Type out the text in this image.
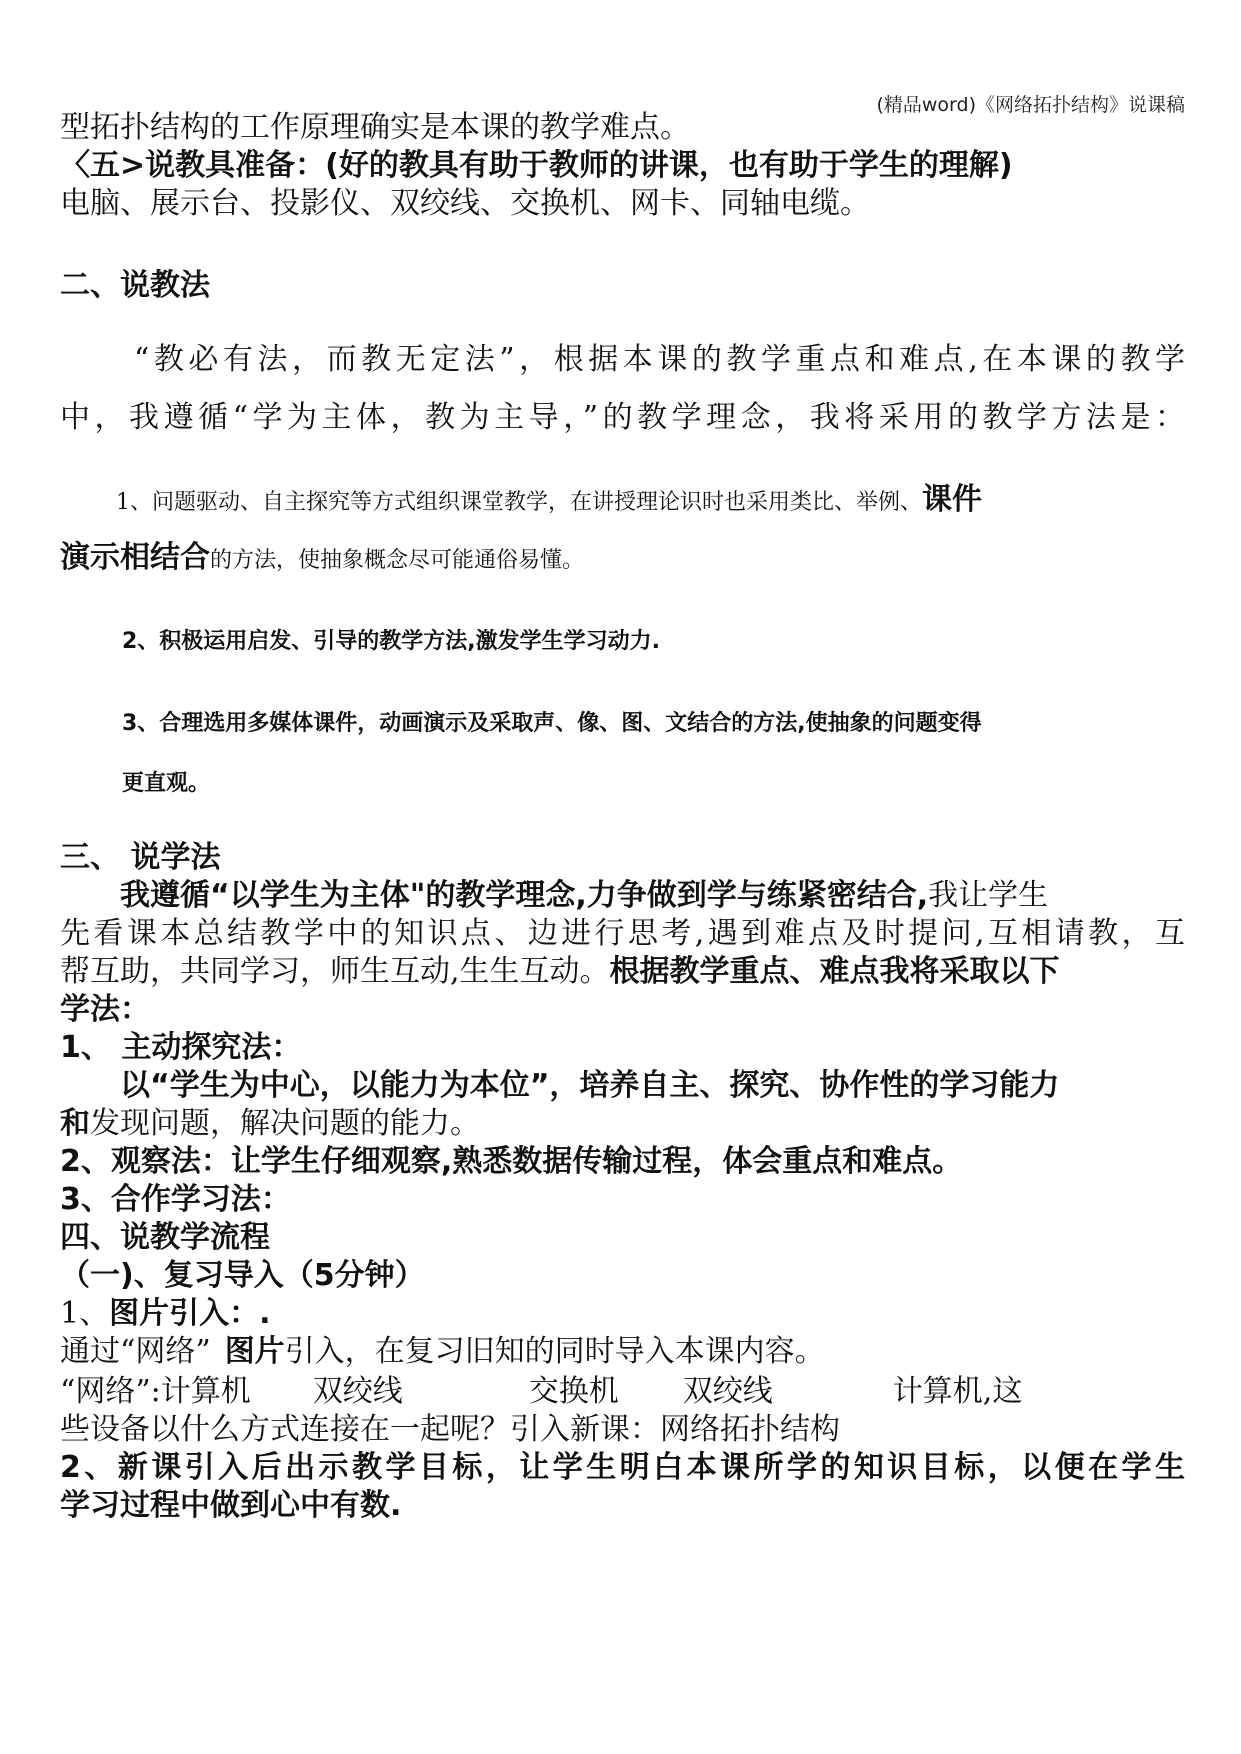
(精品word)《网络拓扑结构》说课稿
型拓扑结构的工作原理确实是本课的教学难点。
〈五>说教具准备：(好的教具有助于教师的讲课，也有助于学生的理解)
电脑、展示台、投影仪、双绞线、交换机、网卡、同轴电缆。
二、说教法
“教必有法，而教无定法”，根据本课的教学重点和难点,在本课的教学
中，我遵循“学为主体，教为主导，”的教学理念，我将采用的教学方法是：
1、问题驱动、自主探究等方式组织课堂教学，在讲授理论识时也采用类比、举例、课件
演示相结合的方法，使抽象概念尽可能通俗易懂。
2、积极运用启发、引导的教学方法,激发学生学习动力.
3、合理选用多媒体课件，动画演示及采取声、像、图、文结合的方法,使抽象的问题变得
更直观。
三、 说学法
我遵循“以学生为主体"的教学理念,力争做到学与练紧密结合,我让学生
先看课本总结教学中的知识点、边进行思考,遇到难点及时提问,互相请教，互
帮互助，共同学习，师生互动,生生互动。根据教学重点、难点我将采取以下
学法：
1、 主动探究法：
以“学生为中心，以能力为本位”，培养自主、探究、协作性的学习能力
和发现问题，解决问题的能力。
2、观察法：让学生仔细观察,熟悉数据传输过程，体会重点和难点。
3、合作学习法：
四、说教学流程
（一)、复习导入（5分钟）
1、图片引入：.
通过“网络” 图片引入，在复习旧知的同时导入本课内容。
“网络”:计算机 双绞线	交换机 双绞线	计算机,这
些设备以什么方式连接在一起呢？引入新课：网络拓扑结构
2、新课引入后出示教学目标，让学生明白本课所学的知识目标，以便在学生
学习过程中做到心中有数.
